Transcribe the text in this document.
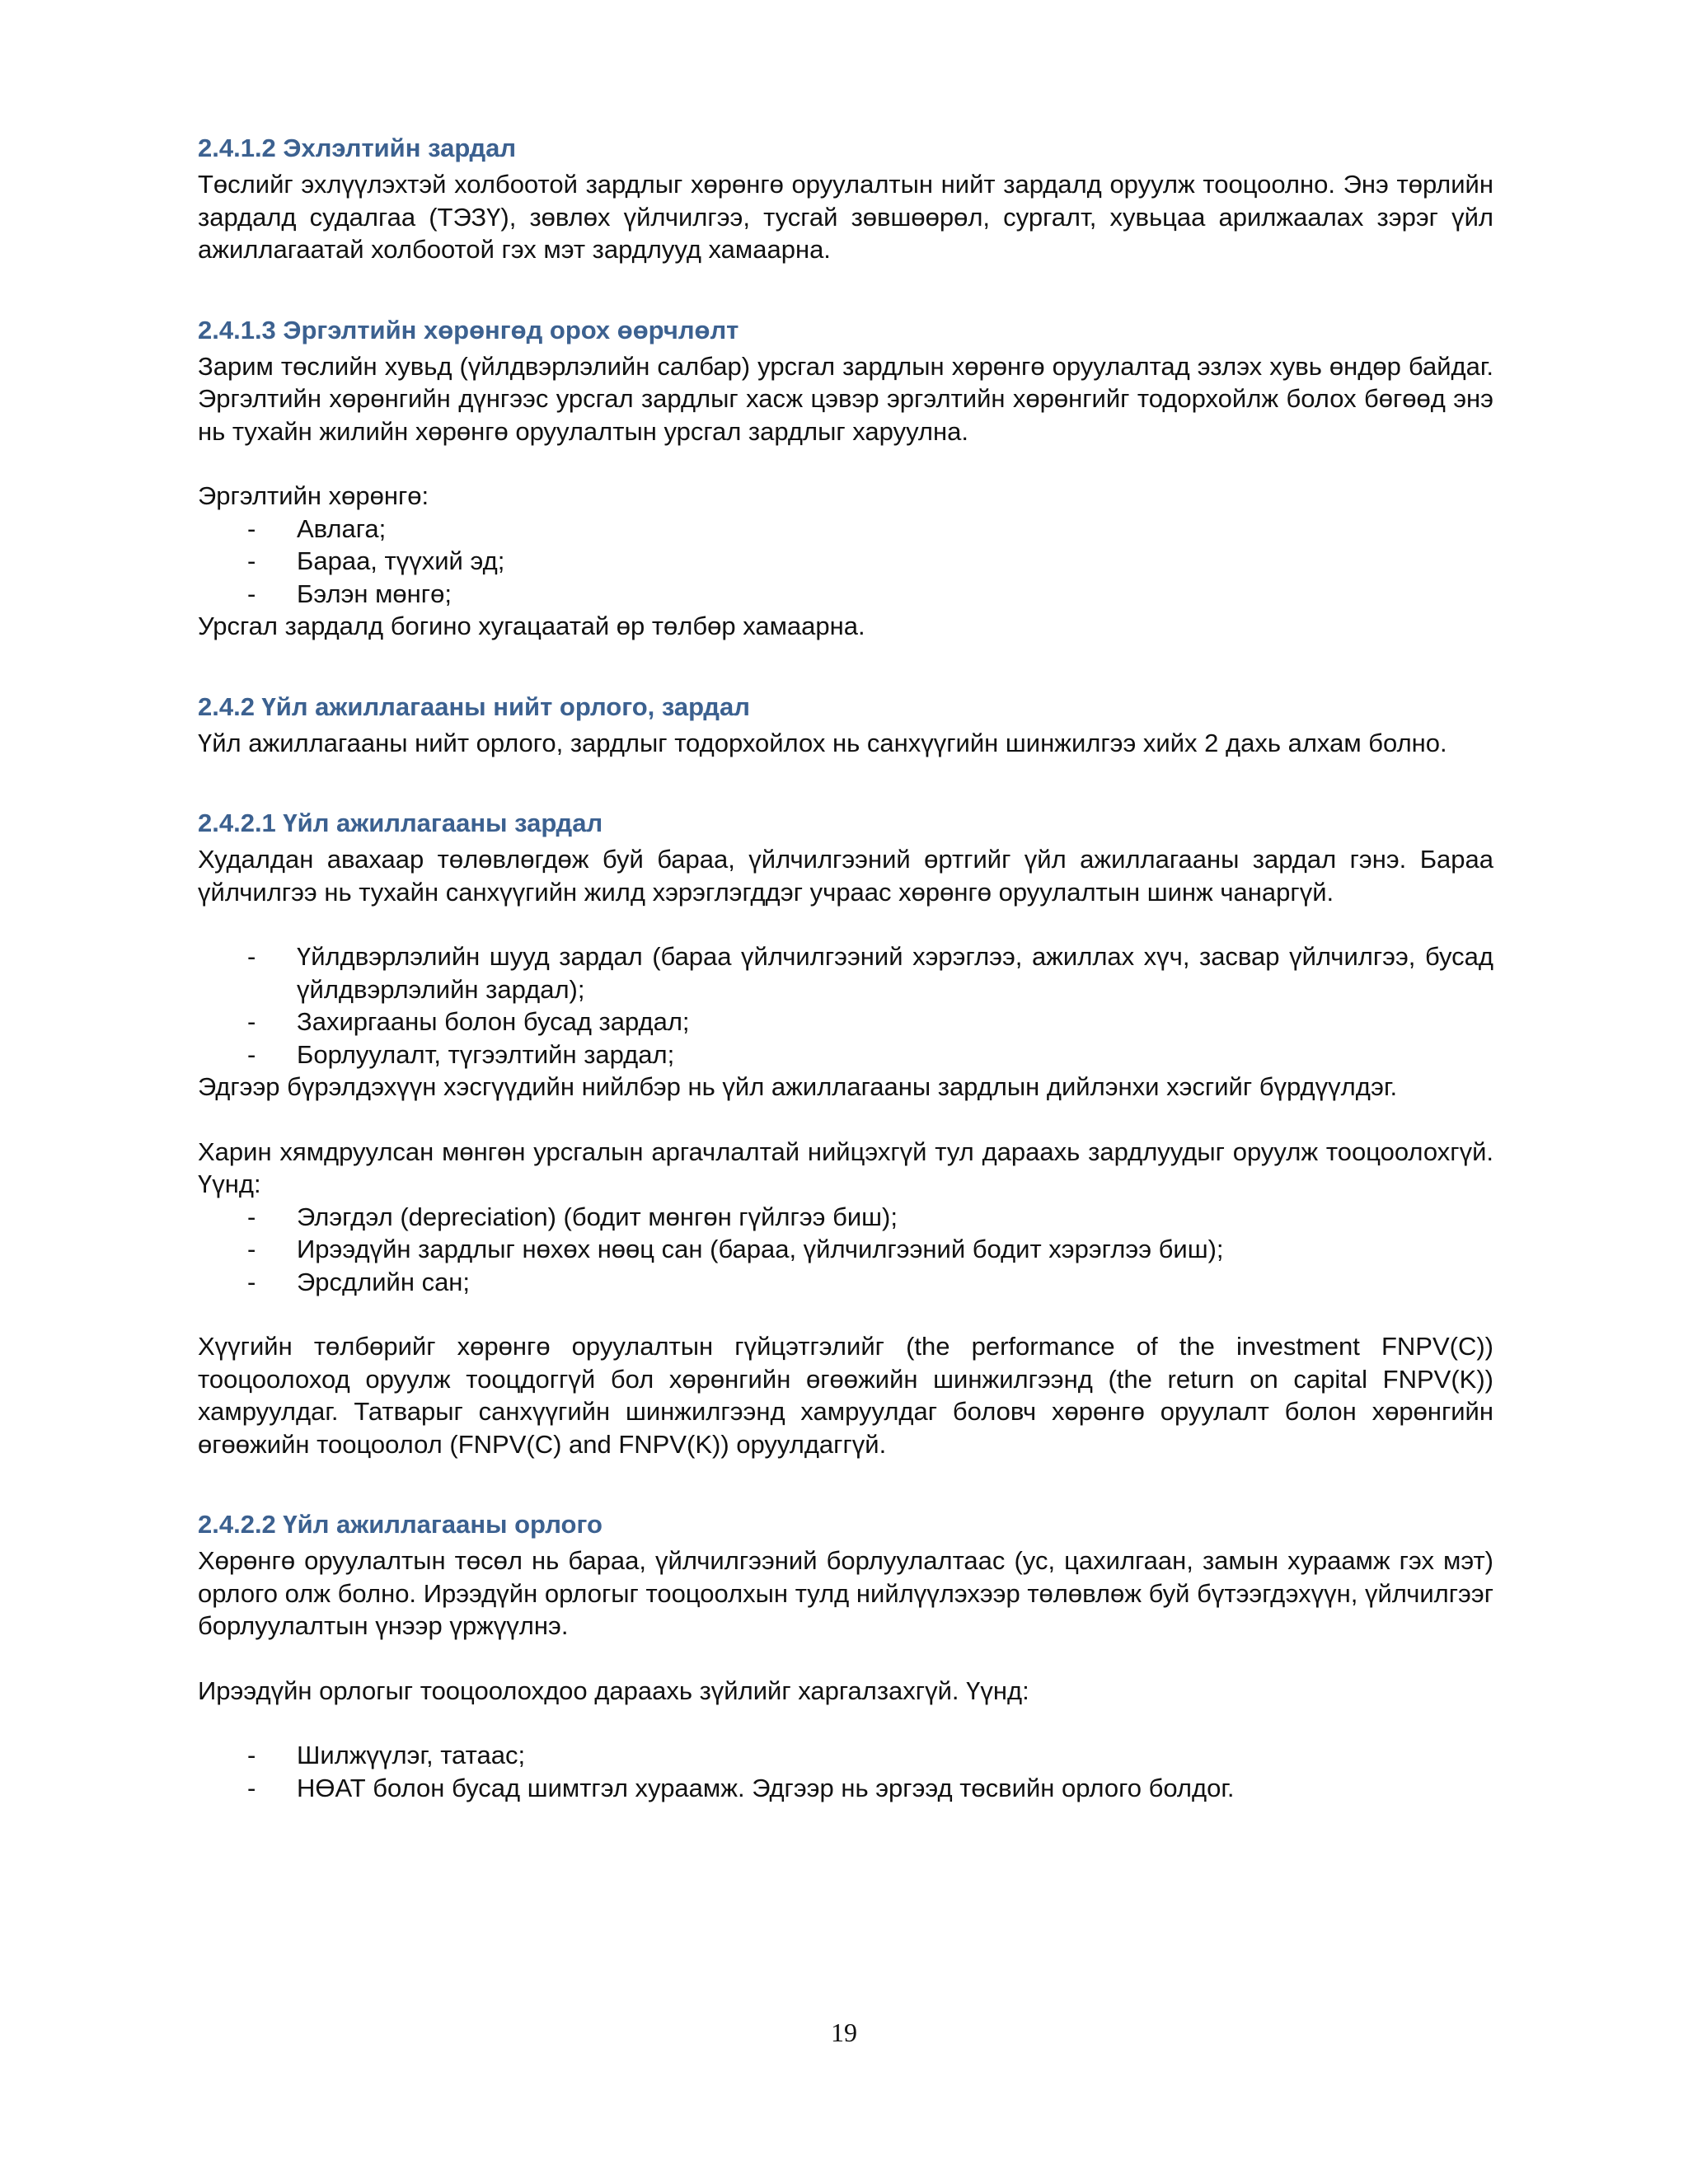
2.4.1.2 Эхлэлтийн зардал

Төслийг эхлүүлэхтэй холбоотой зардлыг хөрөнгө оруулалтын нийт зардалд оруулж тооцоолно. Энэ төрлийн зардалд судалгаа (ТЭЗҮ), зөвлөх үйлчилгээ, тусгай зөвшөөрөл, сургалт, хувьцаа арилжаалах зэрэг үйл ажиллагаатай холбоотой гэх мэт зардлууд хамаарна.

2.4.1.3 Эргэлтийн хөрөнгөд орох өөрчлөлт

Зарим төслийн хувьд (үйлдвэрлэлийн салбар) урсгал зардлын хөрөнгө оруулалтад эзлэх хувь өндөр байдаг. Эргэлтийн хөрөнгийн дүнгээс урсгал зардлыг хасж цэвэр эргэлтийн хөрөнгийг тодорхойлж болох бөгөөд энэ нь тухайн жилийн хөрөнгө оруулалтын урсгал зардлыг харуулна.

Эргэлтийн хөрөнгө:

- Авлага;
- Бараа, түүхий эд;
- Бэлэн мөнгө;

Урсгал зардалд богино хугацаатай өр төлбөр хамаарна.

2.4.2 Үйл ажиллагааны нийт орлого, зардал

Үйл ажиллагааны нийт орлого, зардлыг тодорхойлох нь санхүүгийн шинжилгээ хийх 2 дахь алхам болно.

2.4.2.1 Үйл ажиллагааны зардал

Худалдан авахаар төлөвлөгдөж буй бараа, үйлчилгээний өртгийг үйл ажиллагааны зардал гэнэ. Бараа үйлчилгээ нь тухайн санхүүгийн жилд хэрэглэгддэг учраас хөрөнгө оруулалтын шинж чанаргүй.

- Үйлдвэрлэлийн шууд зардал (бараа үйлчилгээний хэрэглээ, ажиллах хүч, засвар үйлчилгээ, бусад үйлдвэрлэлийн зардал);
- Захиргааны болон бусад зардал;
- Борлуулалт, түгээлтийн зардал;

Эдгээр бүрэлдэхүүн хэсгүүдийн нийлбэр нь үйл ажиллагааны зардлын дийлэнхи хэсгийг бүрдүүлдэг.

Харин хямдруулсан мөнгөн урсгалын аргачлалтай нийцэхгүй тул дараахь зардлуудыг оруулж тооцоолохгүй. Үүнд:

- Элэгдэл (depreciation) (бодит мөнгөн гүйлгээ биш);
- Ирээдүйн зардлыг нөхөх нөөц сан (бараа, үйлчилгээний бодит хэрэглээ биш);
- Эрсдлийн сан;

Хүүгийн төлбөрийг хөрөнгө оруулалтын гүйцэтгэлийг (the performance of the investment FNPV(C)) тооцоолоход оруулж тооцдоггүй бол хөрөнгийн өгөөжийн шинжилгээнд (the return on capital FNPV(K)) хамруулдаг. Татварыг санхүүгийн шинжилгээнд хамруулдаг боловч хөрөнгө оруулалт болон хөрөнгийн өгөөжийн тооцоолол (FNPV(C) and FNPV(K)) оруулдаггүй.

2.4.2.2 Үйл ажиллагааны орлого

Хөрөнгө оруулалтын төсөл нь бараа, үйлчилгээний борлуулалтаас (ус, цахилгаан, замын хураамж гэх мэт) орлого олж болно. Ирээдүйн орлогыг тооцоолхын тулд нийлүүлэхээр төлөвлөж буй бүтээгдэхүүн, үйлчилгээг борлуулалтын үнээр үржүүлнэ.

Ирээдүйн орлогыг тооцоолохдоо дараахь зүйлийг харгалзахгүй. Үүнд:

- Шилжүүлэг, татаас;
- НӨАТ болон бусад шимтгэл хураамж. Эдгээр нь эргээд төсвийн орлого болдог.
19
